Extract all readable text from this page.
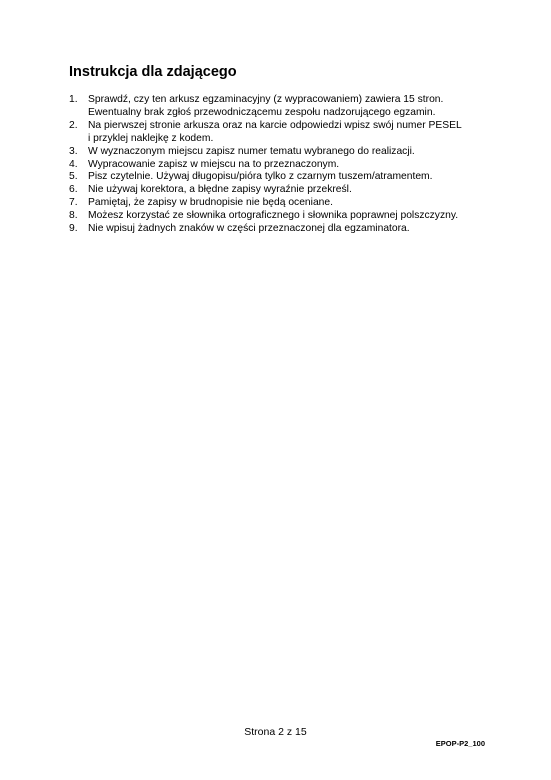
Instrukcja dla zdającego
1. Sprawdź, czy ten arkusz egzaminacyjny (z wypracowaniem) zawiera 15 stron.
Ewentualny brak zgłoś przewodniczącemu zespołu nadzorującego egzamin.
2. Na pierwszej stronie arkusza oraz na karcie odpowiedzi wpisz swój numer PESEL
i przyklej naklejkę z kodem.
3. W wyznaczonym miejscu zapisz numer tematu wybranego do realizacji.
4. Wypracowanie zapisz w miejscu na to przeznaczonym.
5. Pisz czytelnie. Używaj długopisu/pióra tylko z czarnym tuszem/atramentem.
6. Nie używaj korektora, a błędne zapisy wyraźnie przekreśl.
7. Pamiętaj, że zapisy w brudnopisie nie będą oceniane.
8. Możesz korzystać ze słownika ortograficznego i słownika poprawnej polszczyzny.
9. Nie wpisuj żadnych znaków w części przeznaczonej dla egzaminatora.
Strona 2 z 15
EPOP-P2_100
